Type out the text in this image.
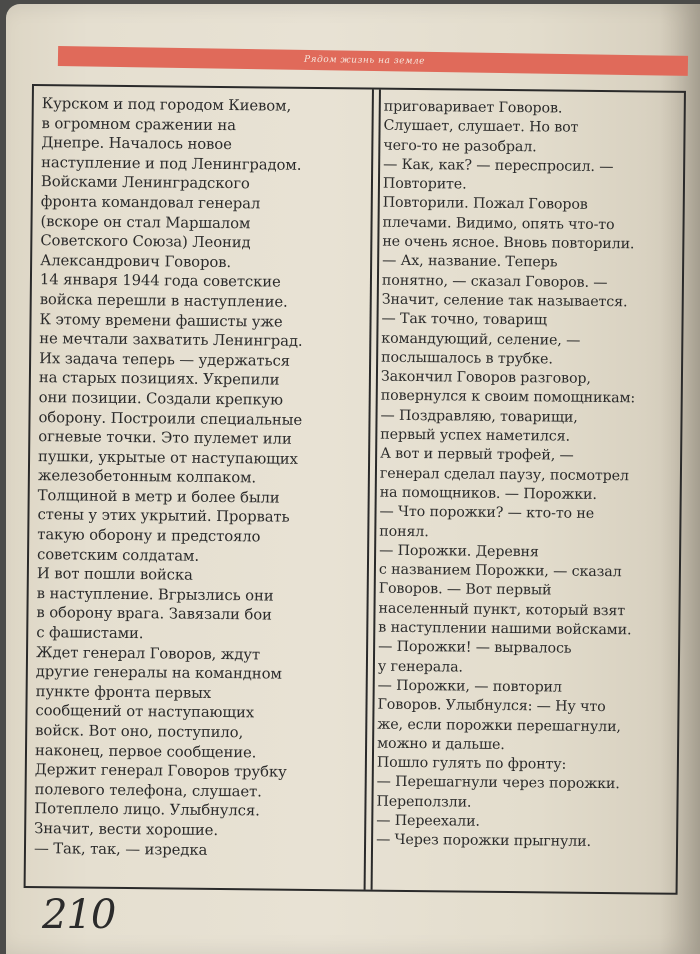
Рядом жизнь на земле
Курском и под городом Киевом,
в огромном сражении на
Днепре. Началось новое
наступление и под Ленинградом.
Войсками Ленинградского
фронта командовал генерал
(вскоре он стал Маршалом
Советского Союза) Леонид
Александрович Говоров.
14 января 1944 года советские
войска перешли в наступление.
К этому времени фашисты уже
не мечтали захватить Ленинград.
Их задача теперь — удержаться
на старых позициях. Укрепили
они позиции. Создали крепкую
оборону. Построили специальные
огневые точки. Это пулемет или
пушки, укрытые от наступающих
железобетонным колпаком.
Толщиной в метр и более были
стены у этих укрытий. Прорвать
такую оборону и предстояло
советским солдатам.
И вот пошли войска
в наступление. Вгрызлись они
в оборону врага. Завязали бои
с фашистами.
Ждет генерал Говоров, ждут
другие генералы на командном
пункте фронта первых
сообщений от наступающих
войск. Вот оно, поступило,
наконец, первое сообщение.
Держит генерал Говоров трубку
полевого телефона, слушает.
Потеплело лицо. Улыбнулся.
Значит, вести хорошие.
— Так, так, — изредка
приговаривает Говоров.
Слушает, слушает. Но вот
чего-то не разобрал.
— Как, как? — переспросил. —
Повторите.
Повторили. Пожал Говоров
плечами. Видимо, опять что-то
не очень ясное. Вновь повторили.
— Ах, название. Теперь
понятно, — сказал Говоров. —
Значит, селение так называется.
— Так точно, товарищ
командующий, селение, —
послышалось в трубке.
Закончил Говоров разговор,
повернулся к своим помощникам:
— Поздравляю, товарищи,
первый успех наметился.
А вот и первый трофей, —
генерал сделал паузу, посмотрел
на помощников. — Порожки.
— Что порожки? — кто-то не
понял.
— Порожки. Деревня
с названием Порожки, — сказал
Говоров. — Вот первый
населенный пункт, который взят
в наступлении нашими войсками.
— Порожки! — вырвалось
у генерала.
— Порожки, — повторил
Говоров. Улыбнулся: — Ну что
же, если порожки перешагнули,
можно и дальше.
Пошло гулять по фронту:
— Перешагнули через порожки.
Переползли.
— Переехали.
— Через порожки прыгнули.
210
